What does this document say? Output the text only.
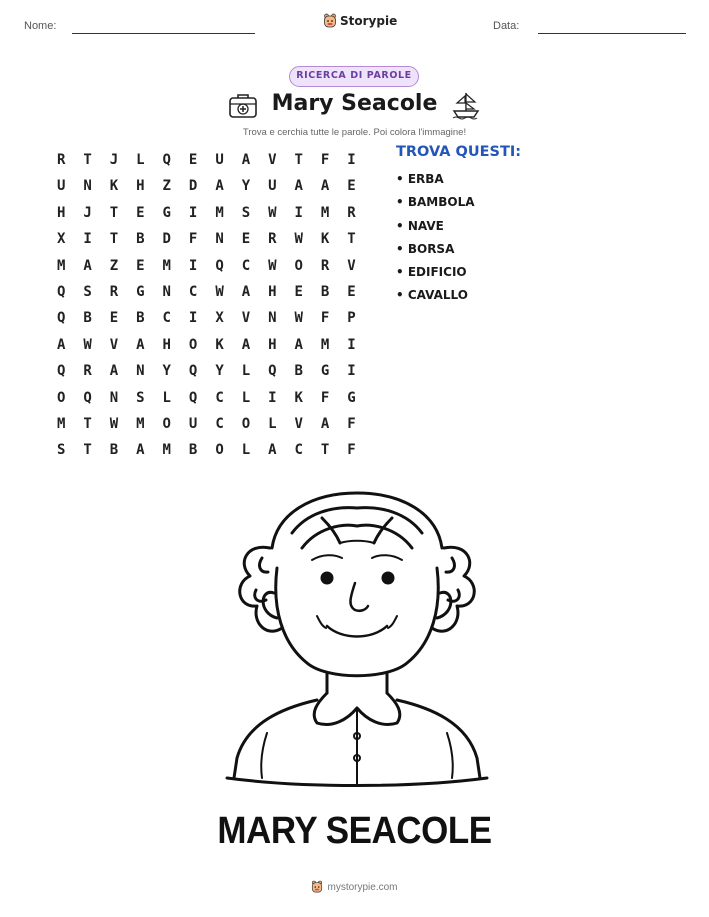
Nome:	Storypie	Data:
RICERCA DI PAROLE
Mary Seacole
Trova e cerchia tutte le parole. Poi colora l'immagine!
R	T	J	L	Q	E	U	A	V	T	F	I
U	N	K	H	Z	D	A	Y	U	A	A	E
H	J	T	E	G	I	M	S	W	I	M	R
X	I	T	B	D	F	N	E	R	W	K	T
M	A	Z	E	M	I	Q	C	W	O	R	V
Q	S	R	G	N	C	W	A	H	E	B	E
Q	B	E	B	C	I	X	V	N	W	F	P
A	W	V	A	H	O	K	A	H	A	M	I
Q	R	A	N	Y	Q	Y	L	Q	B	G	I
O	Q	N	S	L	Q	C	L	I	K	F	G
M	T	W	M	O	U	C	O	L	V	A	F
S	T	B	A	M	B	O	L	A	C	T	F
TROVA QUESTI:
• ERBA
• BAMBOLA
• NAVE
• BORSA
• EDIFICIO
• CAVALLO
MARY SEACOLE
mystorypie.com
